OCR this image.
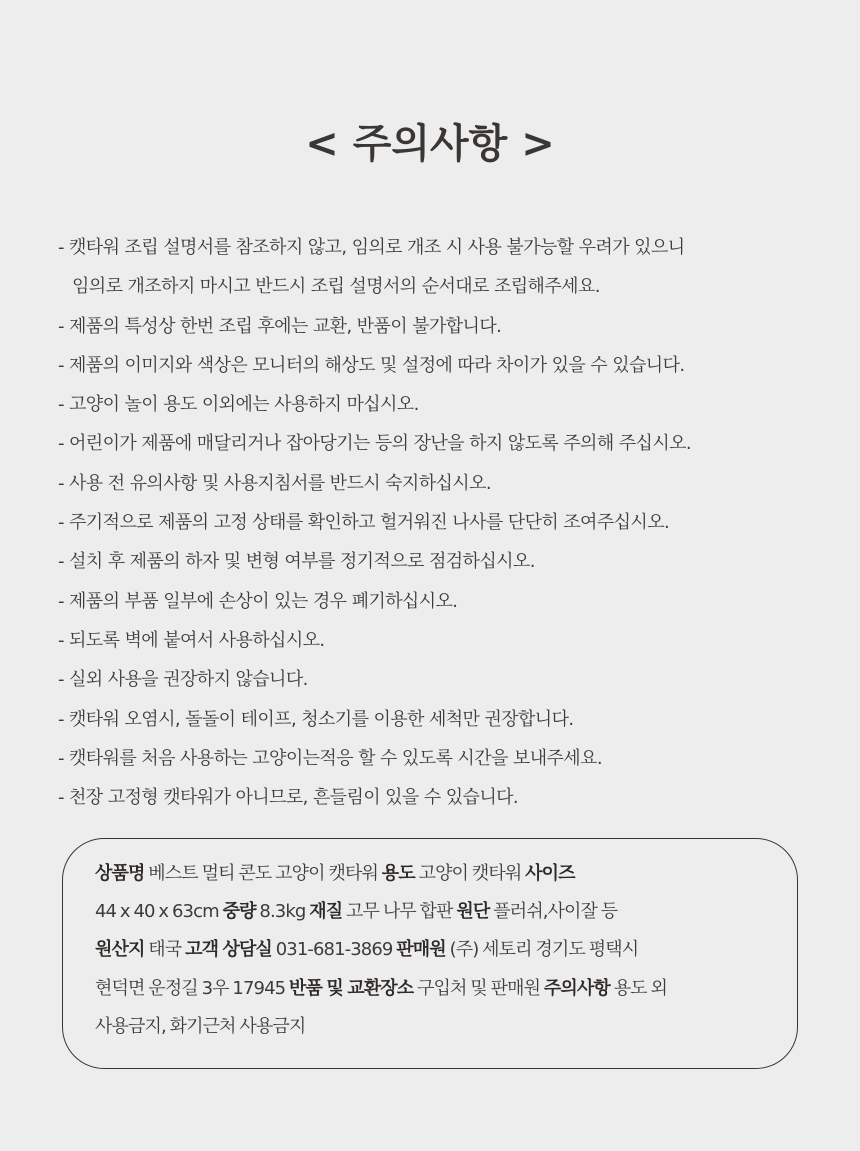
< 주의사항 >
- 캣타워 조립 설명서를 참조하지 않고, 임의로 개조 시 사용 불가능할 우려가 있으니
임의로 개조하지 마시고 반드시 조립 설명서의 순서대로 조립해주세요.
- 제품의 특성상 한번 조립 후에는 교환, 반품이 불가합니다.
- 제품의 이미지와 색상은 모니터의 해상도 및 설정에 따라 차이가 있을 수 있습니다.
- 고양이 놀이 용도 이외에는 사용하지 마십시오.
- 어린이가 제품에 매달리거나 잡아당기는 등의 장난을 하지 않도록 주의해 주십시오.
- 사용 전 유의사항 및 사용지침서를 반드시 숙지하십시오.
- 주기적으로 제품의 고정 상태를 확인하고 헐거워진 나사를 단단히 조여주십시오.
- 설치 후 제품의 하자 및 변형 여부를 정기적으로 점검하십시오.
- 제품의 부품 일부에 손상이 있는 경우 폐기하십시오.
- 되도록 벽에 붙여서 사용하십시오.
- 실외 사용을 권장하지 않습니다.
- 캣타워 오염시, 돌돌이 테이프, 청소기를 이용한 세척만 권장합니다.
- 캣타워를 처음 사용하는 고양이는적응 할 수 있도록 시간을 보내주세요.
- 천장 고정형 캣타워가 아니므로, 흔들림이 있을 수 있습니다.
상품명 베스트 멀티 콘도 고양이 캣타워 용도 고양이 캣타워 사이즈
44 x 40 x 63cm 중량 8.3kg 재질 고무 나무 합판 원단 플러쉬,사이잘 등
원산지 태국 고객 상담실 031-681-3869 판매원 (주) 세토리 경기도 평택시
현덕면 운정길 3우 17945 반품 및 교환장소 구입처 및 판매원 주의사항 용도 외
사용금지, 화기근처 사용금지
